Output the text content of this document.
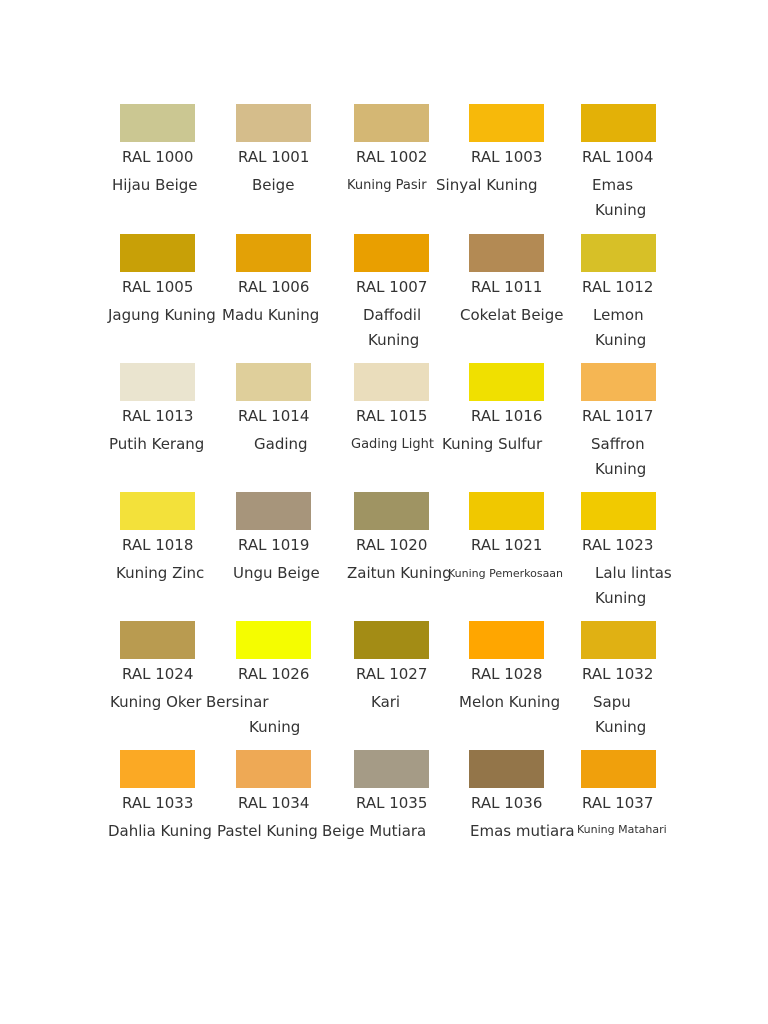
RAL 1000
Hijau Beige
RAL 1001
Beige
RAL 1002
Kuning Pasir
RAL 1003
Sinyal Kuning
RAL 1004
Emas
Kuning
RAL 1005
Jagung Kuning
RAL 1006
Madu Kuning
RAL 1007
Daffodil
Kuning
RAL 1011
Cokelat Beige
RAL 1012
Lemon
Kuning
RAL 1013
Putih Kerang
RAL 1014
Gading
RAL 1015
Gading Light
RAL 1016
Kuning Sulfur
RAL 1017
Saffron
Kuning
RAL 1018
Kuning Zinc
RAL 1019
Ungu Beige
RAL 1020
Zaitun Kuning
RAL 1021
Kuning Pemerkosaan
RAL 1023
Lalu lintas
Kuning
RAL 1024
Kuning Oker
RAL 1026
Bersinar
Kuning
RAL 1027
Kari
RAL 1028
Melon Kuning
RAL 1032
Sapu
Kuning
RAL 1033
Dahlia Kuning
RAL 1034
Pastel Kuning
RAL 1035
Beige Mutiara
RAL 1036
Emas mutiara
RAL 1037
Kuning Matahari
